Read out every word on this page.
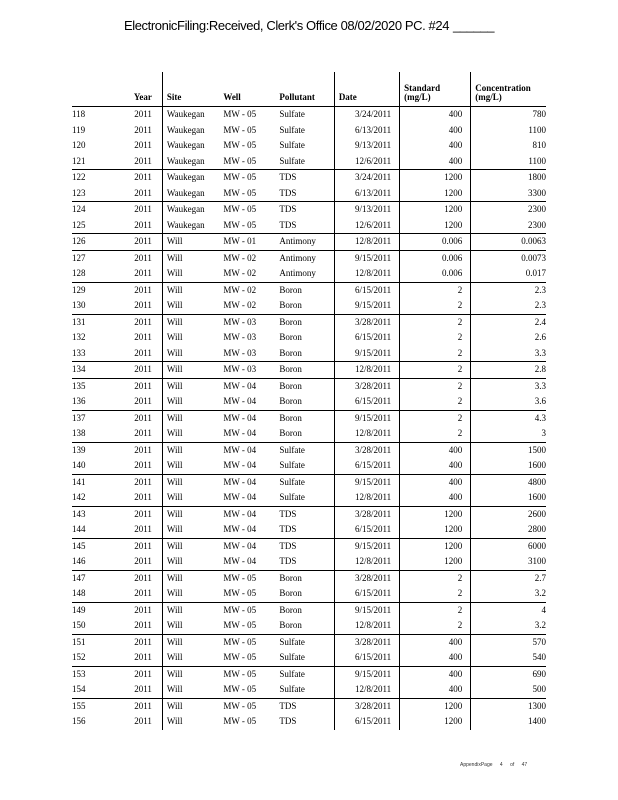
ElectronicFiling:Received, Clerk's Office 08/02/2020 PC. #24 ______
	Year	Site	Well	Pollutant	Date	Standard (mg/L)	Concentration (mg/L)
118	2011	Waukegan	MW - 05	Sulfate	3/24/2011	400	780
119	2011	Waukegan	MW - 05	Sulfate	6/13/2011	400	1100
120	2011	Waukegan	MW - 05	Sulfate	9/13/2011	400	810
121	2011	Waukegan	MW - 05	Sulfate	12/6/2011	400	1100
122	2011	Waukegan	MW - 05	TDS	3/24/2011	1200	1800
123	2011	Waukegan	MW - 05	TDS	6/13/2011	1200	3300
124	2011	Waukegan	MW - 05	TDS	9/13/2011	1200	2300
125	2011	Waukegan	MW - 05	TDS	12/6/2011	1200	2300
126	2011	Will	MW - 01	Antimony	12/8/2011	0.006	0.0063
127	2011	Will	MW - 02	Antimony	9/15/2011	0.006	0.0073
128	2011	Will	MW - 02	Antimony	12/8/2011	0.006	0.017
129	2011	Will	MW - 02	Boron	6/15/2011	2	2.3
130	2011	Will	MW - 02	Boron	9/15/2011	2	2.3
131	2011	Will	MW - 03	Boron	3/28/2011	2	2.4
132	2011	Will	MW - 03	Boron	6/15/2011	2	2.6
133	2011	Will	MW - 03	Boron	9/15/2011	2	3.3
134	2011	Will	MW - 03	Boron	12/8/2011	2	2.8
135	2011	Will	MW - 04	Boron	3/28/2011	2	3.3
136	2011	Will	MW - 04	Boron	6/15/2011	2	3.6
137	2011	Will	MW - 04	Boron	9/15/2011	2	4.3
138	2011	Will	MW - 04	Boron	12/8/2011	2	3
139	2011	Will	MW - 04	Sulfate	3/28/2011	400	1500
140	2011	Will	MW - 04	Sulfate	6/15/2011	400	1600
141	2011	Will	MW - 04	Sulfate	9/15/2011	400	4800
142	2011	Will	MW - 04	Sulfate	12/8/2011	400	1600
143	2011	Will	MW - 04	TDS	3/28/2011	1200	2600
144	2011	Will	MW - 04	TDS	6/15/2011	1200	2800
145	2011	Will	MW - 04	TDS	9/15/2011	1200	6000
146	2011	Will	MW - 04	TDS	12/8/2011	1200	3100
147	2011	Will	MW - 05	Boron	3/28/2011	2	2.7
148	2011	Will	MW - 05	Boron	6/15/2011	2	3.2
149	2011	Will	MW - 05	Boron	9/15/2011	2	4
150	2011	Will	MW - 05	Boron	12/8/2011	2	3.2
151	2011	Will	MW - 05	Sulfate	3/28/2011	400	570
152	2011	Will	MW - 05	Sulfate	6/15/2011	400	540
153	2011	Will	MW - 05	Sulfate	9/15/2011	400	690
154	2011	Will	MW - 05	Sulfate	12/8/2011	400	500
155	2011	Will	MW - 05	TDS	3/28/2011	1200	1300
156	2011	Will	MW - 05	TDS	6/15/2011	1200	1400
AppendixPage 4 of 47
